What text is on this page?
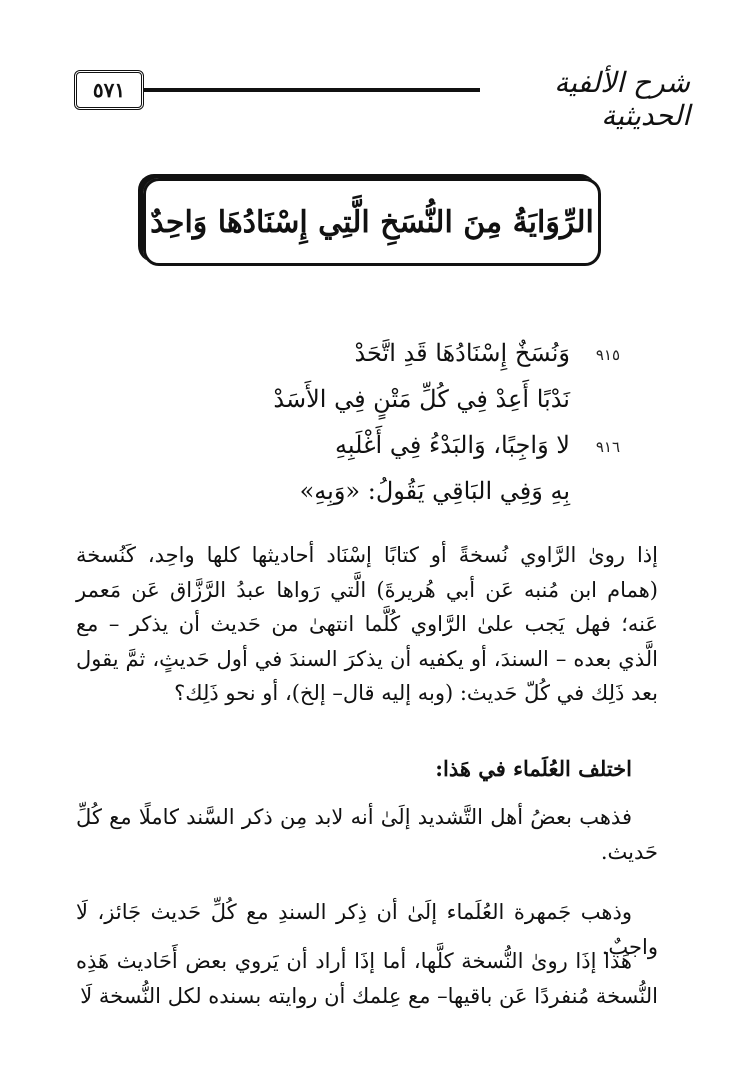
٥٧١	شرح الألفية الحديثية
الرِّوَايَةُ مِنَ النُّسَخِ الَّتِي إِسْنَادُهَا وَاحِدٌ
٩١٥
وَنُسَخٌ إِسْنَادُهَا قَدِ اتَّحَدْ
نَدْبًا أَعِدْ فِي كُلِّ مَتْنٍ فِي الأَسَدْ
٩١٦
لا وَاجِبًا، وَالبَدْءُ فِي أَغْلَبِهِ
بِهِ وَفِي البَاقِي يَقُولُ: «وَبِهِ»
إذا روىٰ الرَّاوي نُسخةً أو كتابًا إسْنَاد أحاديثها كلها واحِد، كَنُسخة (همام ابن مُنبه عَن أبي هُريرةَ) الَّتي رَواها عبدُ الرَّزَّاق عَن مَعمر عَنه؛ فهل يَجب علىٰ الرَّاوي كُلَّما انتهىٰ من حَديث أن يذكر – مع الَّذي بعده – السندَ، أو يكفيه أن يذكرَ السندَ في أول حَديثٍ، ثمَّ يقول بعد ذَلِك في كُلّ حَديث: (وبه إليه قال– إلخ)، أو نحو ذَلِك؟
اختلف العُلَماء في هَذا:
فذهب بعضُ أهل التَّشديد إلَىٰ أنه لابد مِن ذكر السَّند كاملًا مع كُلِّ حَديث.
وذهب جَمهرة العُلَماء إلَىٰ أن ذِكر السندِ مع كُلِّ حَديث جَائز، لَا واجبٌ.
هَذا إذَا روىٰ النُّسخة كلَّها، أما إذَا أراد أن يَروي بعض أَحَاديث هَذِه النُّسخة مُنفردًا عَن باقيها– مع عِلمك أن روايته بسنده لكل النُّسخة لَا
